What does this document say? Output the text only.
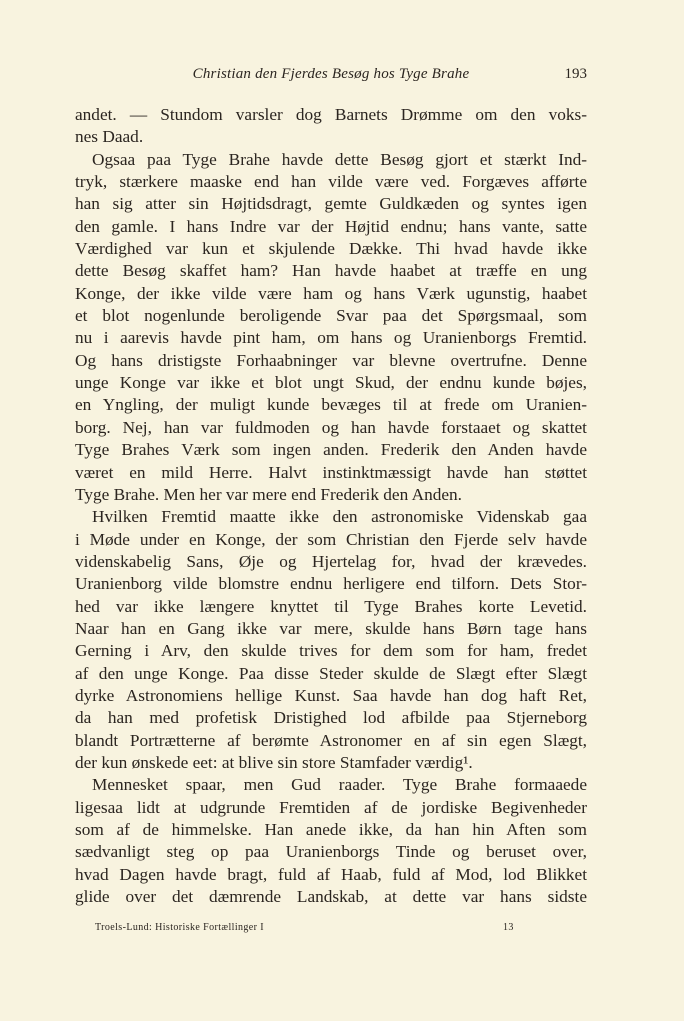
Christian den Fjerdes Besøg hos Tyge Brahe	193
andet. — Stundom varsler dog Barnets Drømme om den voks-
nes Daad.
Ogsaa paa Tyge Brahe havde dette Besøg gjort et stærkt Ind-
tryk, stærkere maaske end han vilde være ved. Forgæves afførte
han sig atter sin Højtidsdragt, gemte Guldkæden og syntes igen
den gamle. I hans Indre var der Højtid endnu; hans vante, satte
Værdighed var kun et skjulende Dække. Thi hvad havde ikke
dette Besøg skaffet ham? Han havde haabet at træffe en ung
Konge, der ikke vilde være ham og hans Værk ugunstig, haabet
et blot nogenlunde beroligende Svar paa det Spørgsmaal, som
nu i aarevis havde pint ham, om hans og Uranienborgs Fremtid.
Og hans dristigste Forhaabninger var blevne overtrufne. Denne
unge Konge var ikke et blot ungt Skud, der endnu kunde bøjes,
en Yngling, der muligt kunde bevæges til at frede om Uranien-
borg. Nej, han var fuldmoden og han havde forstaaet og skattet
Tyge Brahes Værk som ingen anden. Frederik den Anden havde
været en mild Herre. Halvt instinktmæssigt havde han støttet
Tyge Brahe. Men her var mere end Frederik den Anden.
Hvilken Fremtid maatte ikke den astronomiske Videnskab gaa
i Møde under en Konge, der som Christian den Fjerde selv havde
videnskabelig Sans, Øje og Hjertelag for, hvad der krævedes.
Uranienborg vilde blomstre endnu herligere end tilforn. Dets Stor-
hed var ikke længere knyttet til Tyge Brahes korte Levetid.
Naar han en Gang ikke var mere, skulde hans Børn tage hans
Gerning i Arv, den skulde trives for dem som for ham, fredet
af den unge Konge. Paa disse Steder skulde de Slægt efter Slægt
dyrke Astronomiens hellige Kunst. Saa havde han dog haft Ret,
da han med profetisk Dristighed lod afbilde paa Stjerneborg
blandt Portrætterne af berømte Astronomer en af sin egen Slægt,
der kun ønskede eet: at blive sin store Stamfader værdig¹.
Mennesket spaar, men Gud raader. Tyge Brahe formaaede
ligesaa lidt at udgrunde Fremtiden af de jordiske Begivenheder
som af de himmelske. Han anede ikke, da han hin Aften som
sædvanligt steg op paa Uranienborgs Tinde og beruset over,
hvad Dagen havde bragt, fuld af Haab, fuld af Mod, lod Blikket
glide over det dæmrende Landskab, at dette var hans sidste
Troels-Lund: Historiske Fortællinger I	13
